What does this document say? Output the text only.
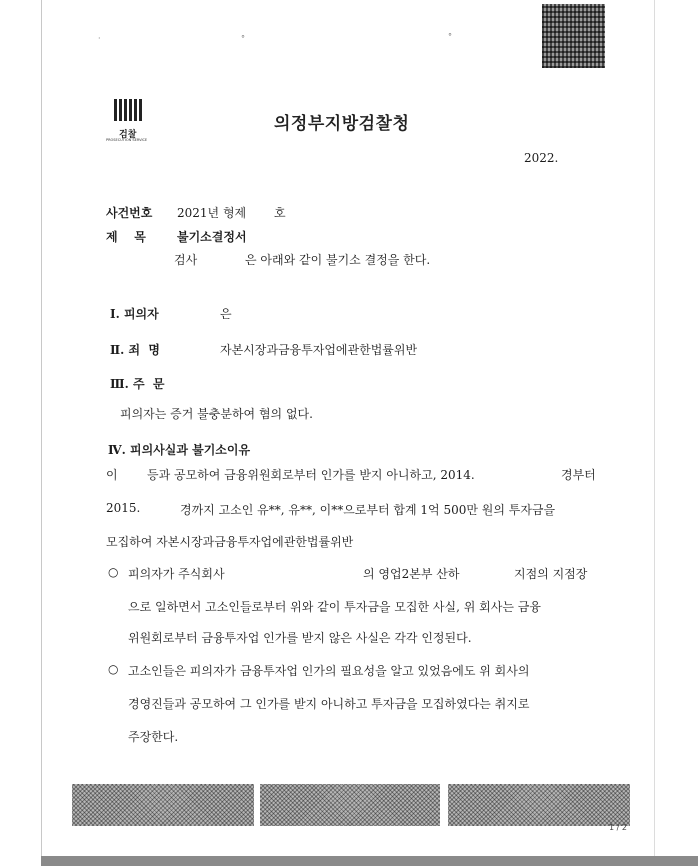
·	°	°
검찰
PROSECUTION SERVICE
의정부지방검찰청
2022.
사건번호 2021년 형제 호
제    목	불기소결정서
검사	은 아래와 같이 불기소 결정을 한다.
Ⅰ. 피의자	은
Ⅱ. 죄  명	자본시장과금융투자업에관한법률위반
Ⅲ. 주  문
피의자는 증거 불충분하여 혐의 없다.
Ⅳ. 피의사실과 불기소이유
이 등과 공모하여 금융위원회로부터 인가를 받지 아니하고, 2014.	경부터
2015.	경까지 고소인 유**, 유**, 이**으로부터 합계 1억 500만 원의 투자금을
모집하여 자본시장과금융투자업에관한법률위반
○ 피의자가 주식회사	의 영업2본부 산하	지점의 지점장
으로 일하면서 고소인들로부터 위와 같이 투자금을 모집한 사실, 위 회사는 금융
위원회로부터 금융투자업 인가를 받지 않은 사실은 각각 인정된다.
○ 고소인들은 피의자가 금융투자업 인가의 필요성을 알고 있었음에도 위 회사의
경영진들과 공모하여 그 인가를 받지 아니하고 투자금을 모집하였다는 취지로
주장한다.
1 / 2
